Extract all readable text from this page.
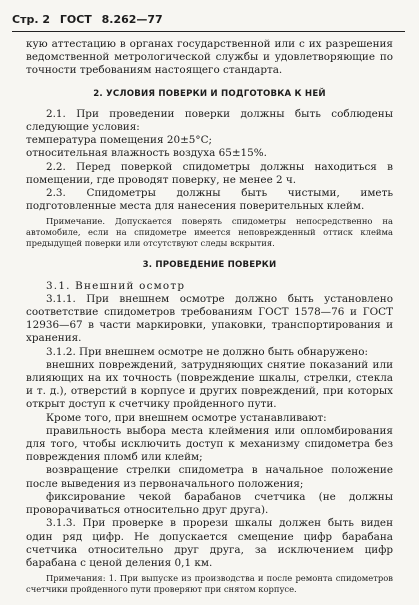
Стр. 2 ГОСТ 8.262—77

кую аттестацию в органах государственной или с их разрешения ведомственной метрологической службы и удовлетворяющие по точности требованиям настоящего стандарта.

2. УСЛОВИЯ ПОВЕРКИ И ПОДГОТОВКА К НЕЙ

2.1. При проведении поверки должны быть соблюдены следующие условия:

температура помещения 20±5°С;

относительная влажность воздуха 65±15%.

2.2. Перед поверкой спидометры должны находиться в помещении, где проводят поверку, не менее 2 ч.

2.3. Спидометры должны быть чистыми, иметь подготовленные места для нанесения поверительных клейм.

Примечание. Допускается поверять спидометры непосредственно на автомобиле, если на спидометре имеется неповрежденный оттиск клейма предыдущей поверки или отсутствуют следы вскрытия.

3. ПРОВЕДЕНИЕ ПОВЕРКИ

3.1. Внешний осмотр

3.1.1. При внешнем осмотре должно быть установлено соответствие спидометров требованиям ГОСТ 1578—76 и ГОСТ 12936—67 в части маркировки, упаковки, транспортирования и хранения.

3.1.2. При внешнем осмотре не должно быть обнаружено:

внешних повреждений, затрудняющих снятие показаний или влияющих на их точность (повреждение шкалы, стрелки, стекла и т. д.), отверстий в корпусе и других повреждений, при которых открыт доступ к счетчику пройденного пути.

Кроме того, при внешнем осмотре устанавливают:

правильность выбора места клеймения или опломбирования для того, чтобы исключить доступ к механизму спидометра без повреждения пломб или клейм;

возвращение стрелки спидометра в начальное положение после выведения из первоначального положения;

фиксирование чекой барабанов счетчика (не должны проворачиваться относительно друг друга).

3.1.3. При проверке в прорези шкалы должен быть виден один ряд цифр. Не допускается смещение цифр барабана счетчика относительно друг друга, за исключением цифр барабана с ценой деления 0,1 км.

Примечания: 1. При выпуске из производства и после ремонта спидометров счетчики пройденного пути проверяют при снятом корпусе.
